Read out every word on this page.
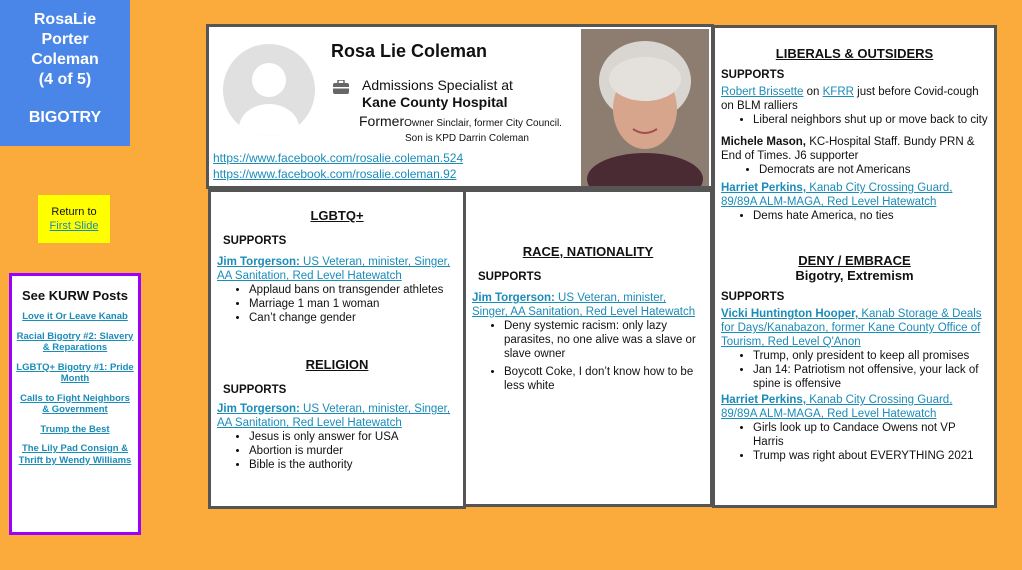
RosaLie
Porter
Coleman
(4 of 5)
BIGOTRY
Return to
First Slide
See KURW Posts
Love it Or Leave Kanab
Racial Bigotry #2: Slavery & Reparations
LGBTQ+ Bigotry #1: Pride Month
Calls to Fight Neighbors & Government
Trump the Best
The Lily Pad Consign & Thrift by Wendy Williams
Rosa Lie Coleman
Admissions Specialist at
Kane County Hospital
FormerOwner Sinclair, former City Council.
Son is KPD Darrin Coleman
https://www.facebook.com/rosalie.coleman.524
https://www.facebook.com/rosalie.coleman.92
LGBTQ+
SUPPORTS
Jim Torgerson: US Veteran, minister, Singer, AA Sanitation, Red Level Hatewatch
• Applaud bans on transgender athletes
• Marriage 1 man 1 woman
• Can’t change gender
RELIGION
SUPPORTS
Jim Torgerson: US Veteran, minister, Singer, AA Sanitation, Red Level Hatewatch
• Jesus is only answer for USA
• Abortion is murder
• Bible is the authority
RACE, NATIONALITY
SUPPORTS
Jim Torgerson: US Veteran, minister, Singer, AA Sanitation, Red Level Hatewatch
• Deny systemic racism: only lazy parasites, no one alive was a slave or slave owner
• Boycott Coke, I don’t know how to be less white
LIBERALS & OUTSIDERS
SUPPORTS
Robert Brissette on KFRR just before Covid-cough on BLM ralliers
• Liberal neighbors shut up or move back to city
Michele Mason, KC-Hospital Staff. Bundy PRN & End of Times. J6 supporter
• Democrats are not Americans
Harriet Perkins, Kanab City Crossing Guard, 89/89A ALM-MAGA, Red Level Hatewatch
• Dems hate America, no ties
DENY / EMBRACE
Bigotry, Extremism
SUPPORTS
Vicki Huntington Hooper, Kanab Storage & Deals for Days/Kanabazon, former Kane County Office of Tourism, Red Level Q'Anon
• Trump, only president to keep all promises
• Jan 14: Patriotism not offensive, your lack of spine is offensive
Harriet Perkins, Kanab City Crossing Guard, 89/89A ALM-MAGA, Red Level Hatewatch
• Girls look up to Candace Owens not VP Harris
• Trump was right about EVERYTHING 2021
